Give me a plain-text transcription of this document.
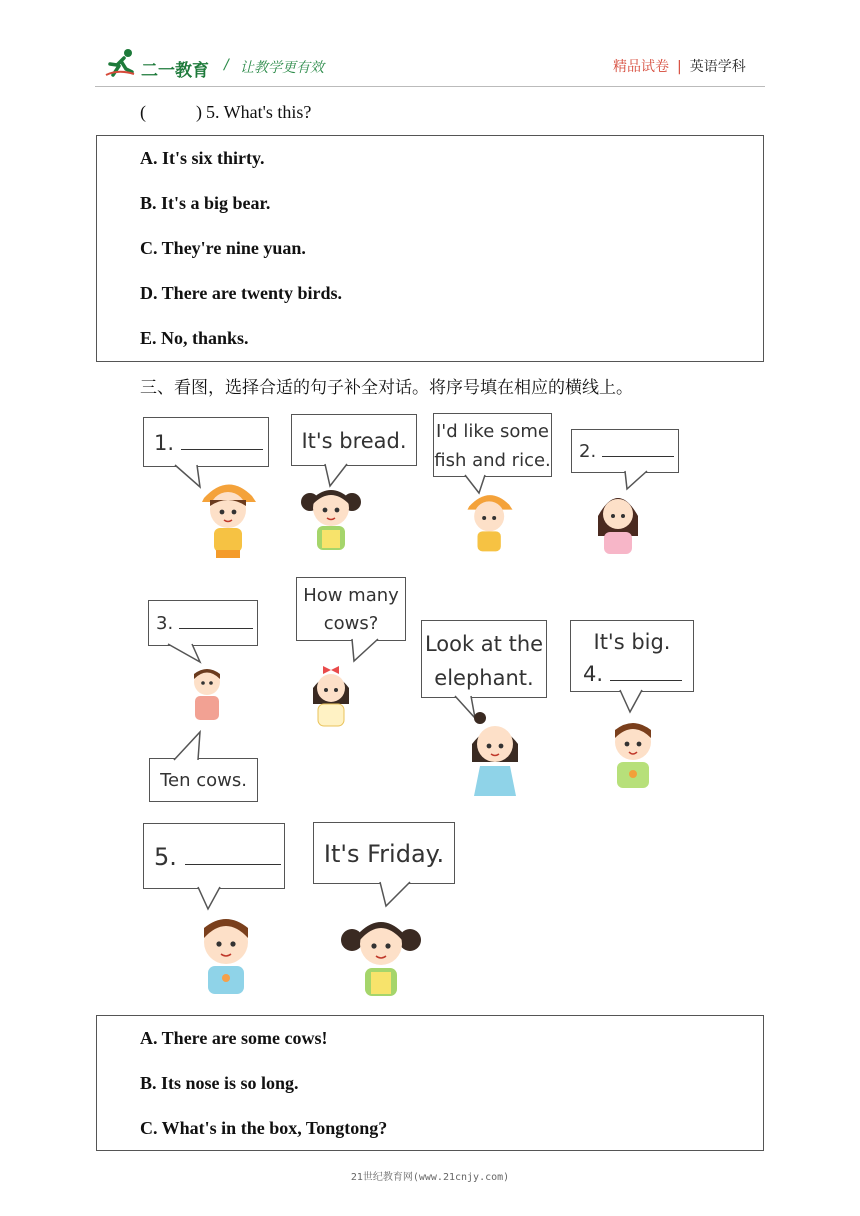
二一教育 / 让教学更有效	精品试卷 | 英语学科
(	) 5. What's this?
A. It's six thirty.
B. It's a big bear.
C. They're nine yuan.
D. There are twenty birds.
E. No, thanks.
三、看图，选择合适的句子补全对话。将序号填在相应的横线上。
1.	It's bread.	I'd like some
fish and rice.	2.
3.
How many
cows?
Ten cows.
Look at the
elephant.
It's big.
4.
5.	It's Friday.
A. There are some cows!
B. Its nose is so long.
C. What's in the box, Tongtong?
21世纪教育网(www.21cnjy.com)
